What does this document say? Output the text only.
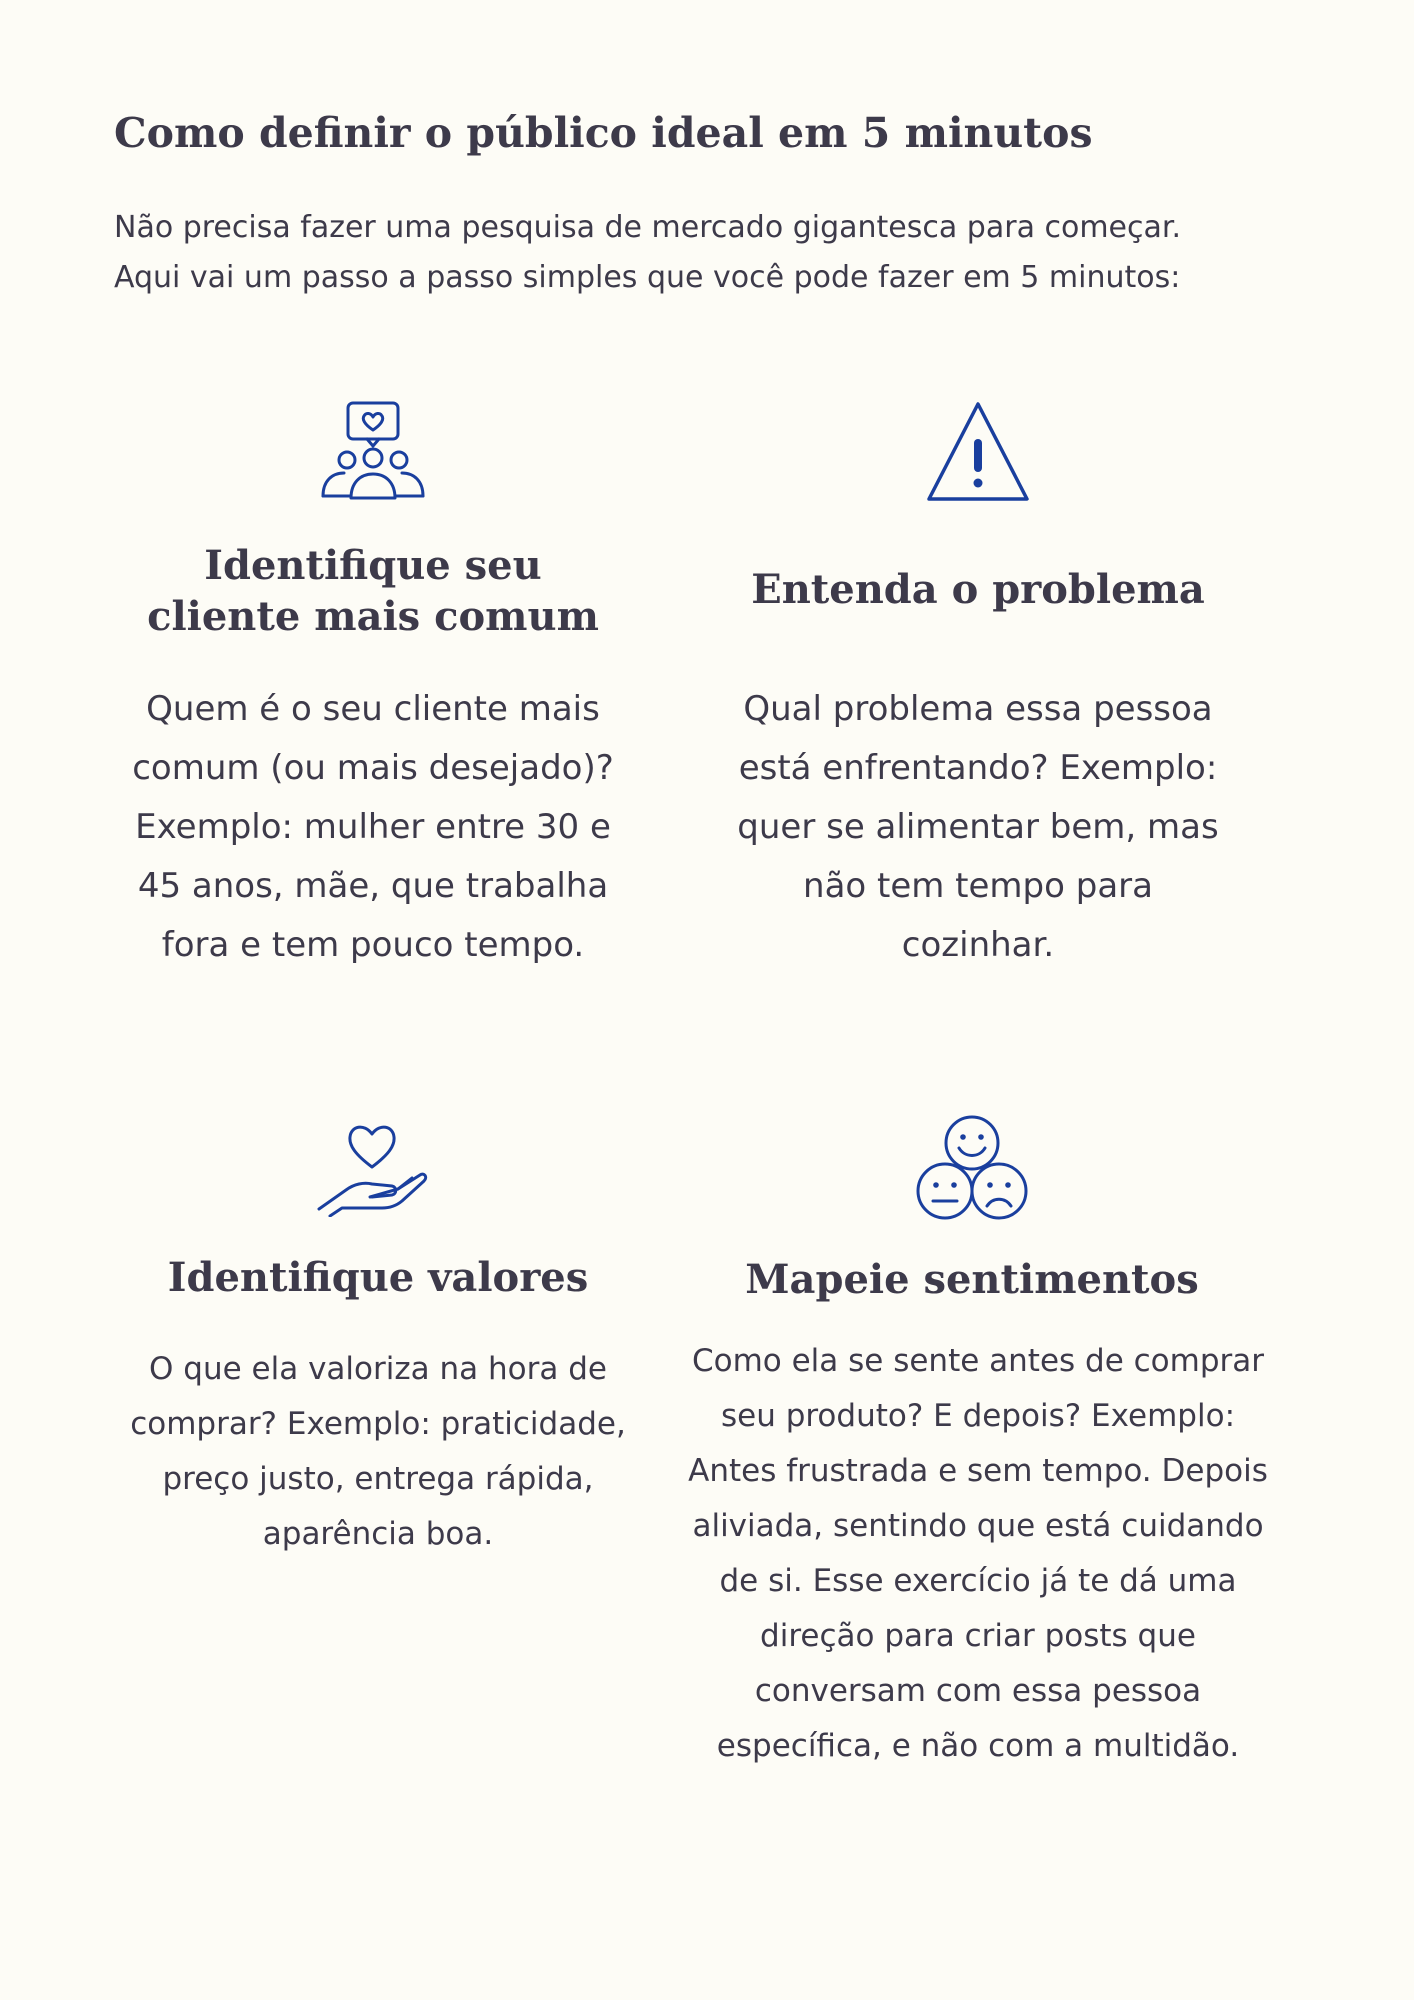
Como definir o público ideal em 5 minutos

Não precisa fazer uma pesquisa de mercado gigantesca para começar.
Aqui vai um passo a passo simples que você pode fazer em 5 minutos:

Identifique seu
cliente mais comum

Quem é o seu cliente mais
comum (ou mais desejado)?
Exemplo: mulher entre 30 e
45 anos, mãe, que trabalha
fora e tem pouco tempo.

Entenda o problema

Qual problema essa pessoa
está enfrentando? Exemplo:
quer se alimentar bem, mas
não tem tempo para
cozinhar.

Identifique valores

O que ela valoriza na hora de
comprar? Exemplo: praticidade,
preço justo, entrega rápida,
aparência boa.

Mapeie sentimentos

Como ela se sente antes de comprar
seu produto? E depois? Exemplo:
Antes frustrada e sem tempo. Depois
aliviada, sentindo que está cuidando
de si. Esse exercício já te dá uma
direção para criar posts que
conversam com essa pessoa
específica, e não com a multidão.
